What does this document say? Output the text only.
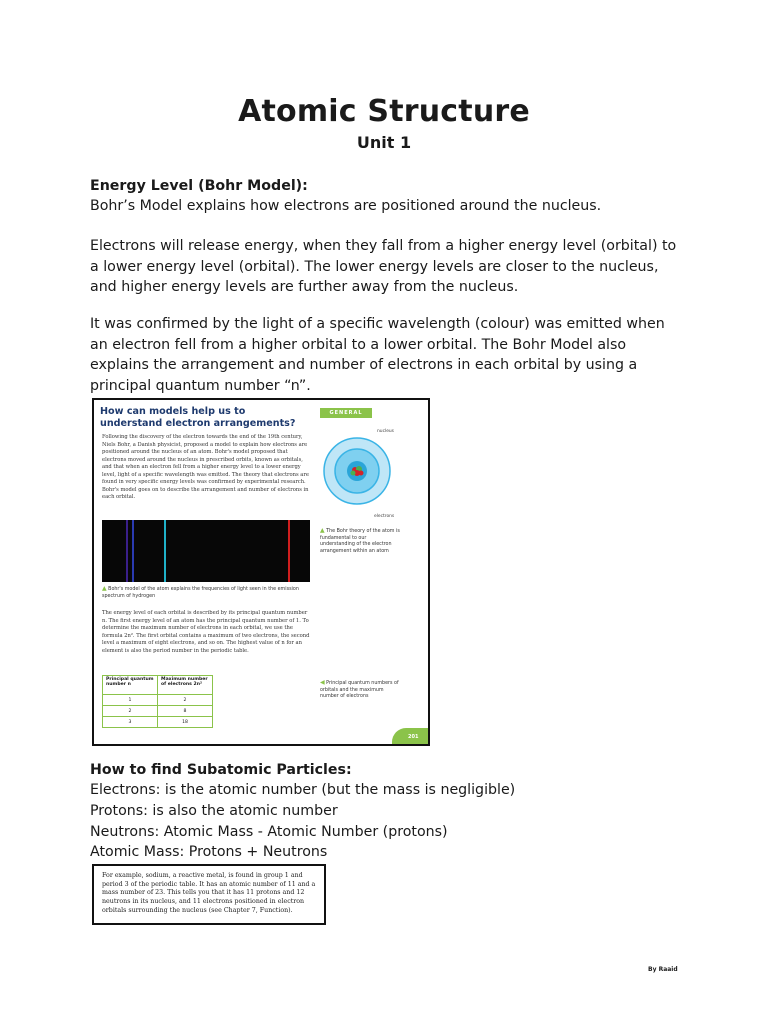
Atomic Structure
Unit 1
Energy Level (Bohr Model):
Bohr’s Model explains how electrons are positioned around the nucleus.
Electrons will release energy, when they fall from a higher energy level (orbital) to a lower energy level (orbital). The lower energy levels are closer to the nucleus, and higher energy levels are further away from the nucleus.
It was confirmed by the light of a specific wavelength (colour) was emitted when an electron fell from a higher orbital to a lower orbital. The Bohr Model also explains the arrangement and number of electrons in each orbital by using a principal quantum number “n”.
How can models help us to understand electron arrangements?
GENERAL
Following the discovery of the electron towards the end of the 19th century, Niels Bohr, a Danish physicist, proposed a model to explain how electrons are positioned around the nucleus of an atom. Bohr's model proposed that electrons moved around the nucleus in prescribed orbits, known as orbitals, and that when an electron fell from a higher energy level to a lower energy level, light of a specific wavelength was emitted. The theory that electrons are found in very specific energy levels was confirmed by experimental research. Bohr's model goes on to describe the arrangement and number of electrons in each orbital.
▲ Bohr's model of the atom explains the frequencies of light seen in the emission spectrum of hydrogen
The energy level of each orbital is described by its principal quantum number n. The first energy level of an atom has the principal quantum number of 1. To determine the maximum number of electrons in each orbital, we use the formula 2n². The first orbital contains a maximum of two electrons, the second level a maximum of eight electrons, and so on. The highest value of n for an element is also the period number in the periodic table.
nucleus
electrons
▲ The Bohr theory of the atom is fundamental to our understanding of the electron arrangement within an atom
Principal quantum number n	Maximum number of electrons 2n²
1	2
2	8
3	18
◀ Principal quantum numbers of orbitals and the maximum number of electrons
201
How to find Subatomic Particles:
Electrons: is the atomic number (but the mass is negligible)
Protons: is also the atomic number
Neutrons: Atomic Mass - Atomic Number (protons)
Atomic Mass: Protons + Neutrons
For example, sodium, a reactive metal, is found in group 1 and period 3 of the periodic table. It has an atomic number of 11 and a mass number of 23. This tells you that it has 11 protons and 12 neutrons in its nucleus, and 11 electrons positioned in electron orbitals surrounding the nucleus (see Chapter 7, Function).
By Raaid
